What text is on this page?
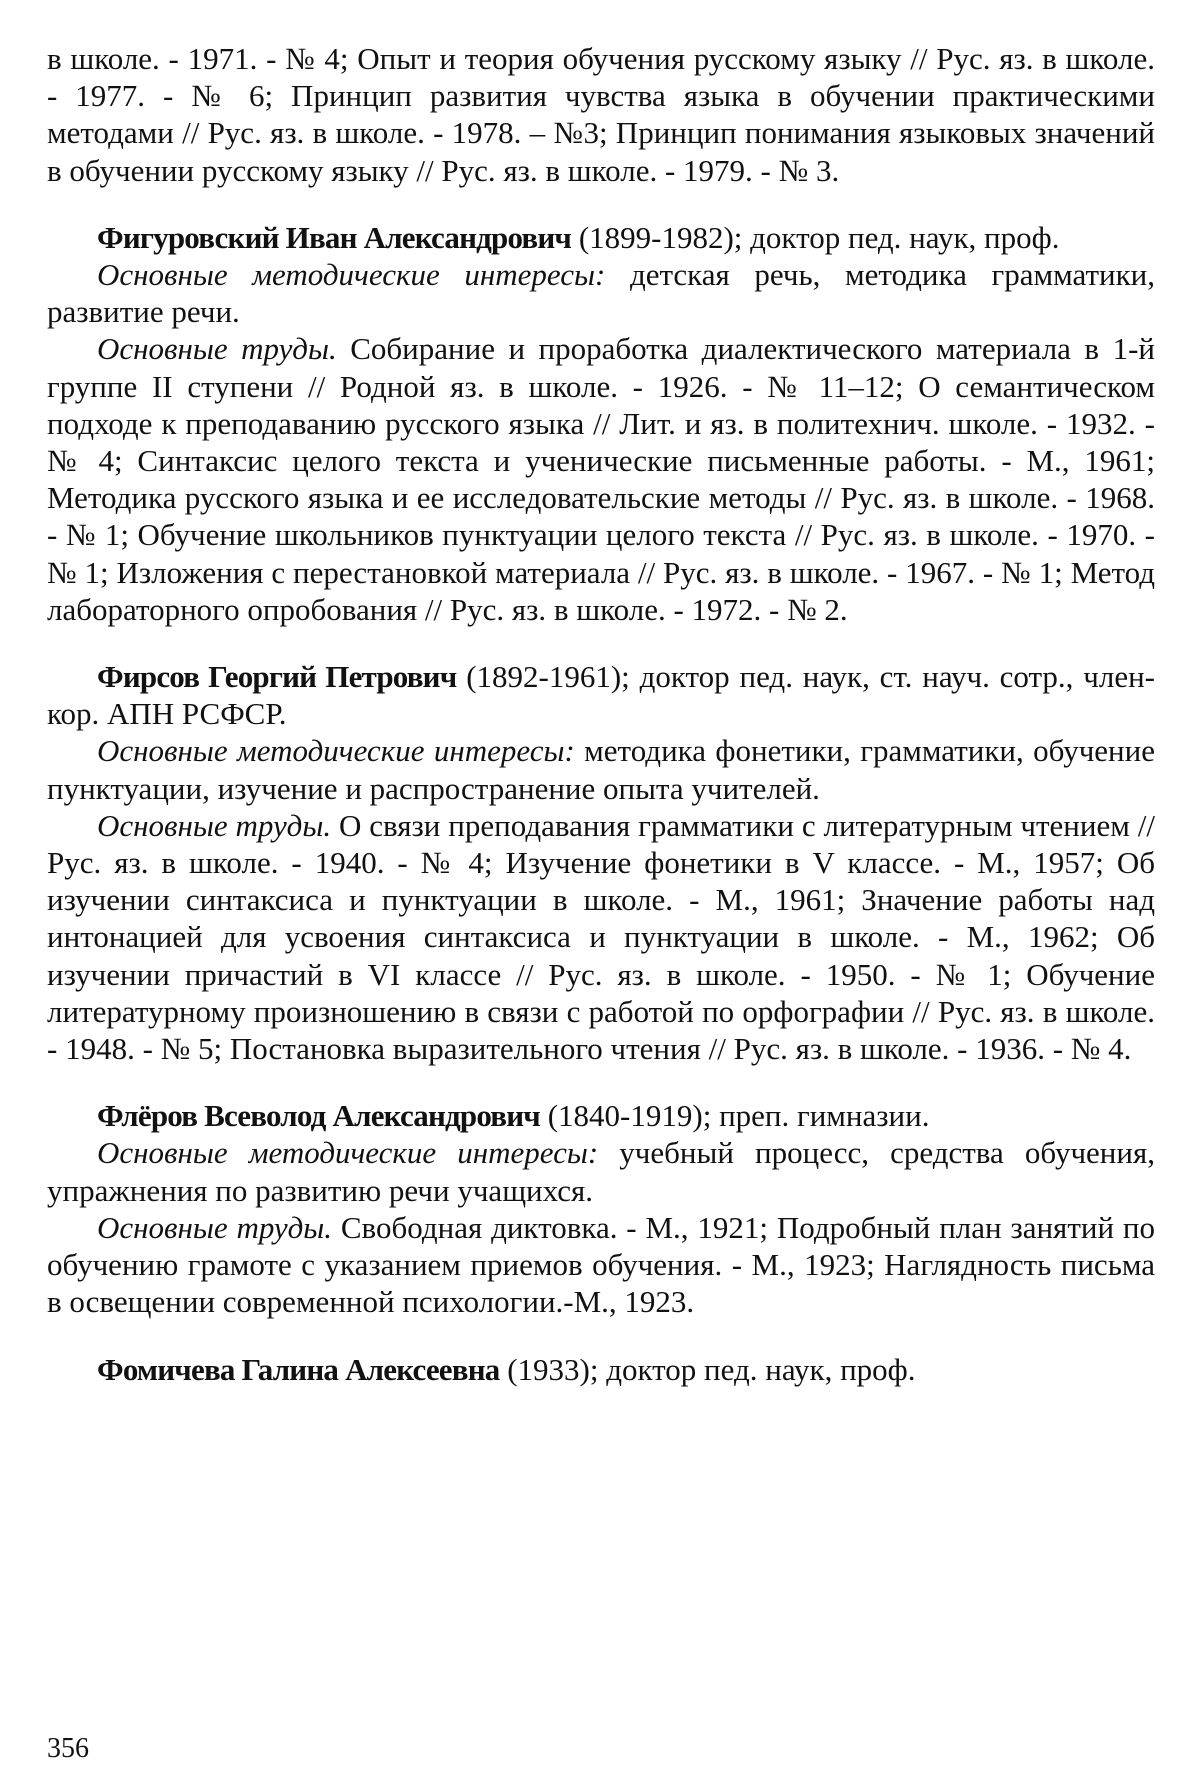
в школе. - 1971. - № 4; Опыт и теория обучения русскому языку // Рус. яз. в школе. - 1977. - № 6; Принцип развития чувства языка в обучении практическими методами // Рус. яз. в школе. - 1978. – №3; Принцип понимания языковых значений в обучении русскому языку // Рус. яз. в школе. - 1979. - № 3.

Фигуровский Иван Александрович (1899-1982); доктор пед. наук, проф.

Основные методические интересы: детская речь, методика грамматики, развитие речи.

Основные труды. Собирание и проработка диалектического материала в 1-й группе II ступени // Родной яз. в школе. - 1926. - № 11–12; О семантическом подходе к преподаванию русского языка // Лит. и яз. в политехнич. школе. - 1932. - № 4; Синтаксис целого текста и ученические письменные работы. - М., 1961; Методика русского языка и ее исследовательские методы // Рус. яз. в школе. - 1968. - № 1; Обучение школьников пунктуации целого текста // Рус. яз. в школе. - 1970. - № 1; Изложения с перестановкой материала // Рус. яз. в школе. - 1967. - № 1; Метод лабораторного опробования // Рус. яз. в школе. - 1972. - № 2.

Фирсов Георгий Петрович (1892-1961); доктор пед. наук, ст. науч. сотр., член-кор. АПН РСФСР.

Основные методические интересы: методика фонетики, грамматики, обучение пунктуации, изучение и распространение опыта учителей.

Основные труды. О связи преподавания грамматики с литературным чтением // Рус. яз. в школе. - 1940. - № 4; Изучение фонетики в V классе. - М., 1957; Об изучении синтаксиса и пунктуации в школе. - М., 1961; Значение работы над интонацией для усвоения синтаксиса и пунктуации в школе. - М., 1962; Об изучении причастий в VI классе // Рус. яз. в школе. - 1950. - № 1; Обучение литературному произношению в связи с работой по орфографии // Рус. яз. в школе. - 1948. - № 5; Постановка выразительного чтения // Рус. яз. в школе. - 1936. - № 4.

Флёров Всеволод Александрович (1840-1919); преп. гимназии.

Основные методические интересы: учебный процесс, средства обучения, упражнения по развитию речи учащихся.

Основные труды. Свободная диктовка. - М., 1921; Подробный план занятий по обучению грамоте с указанием приемов обучения. - М., 1923; Наглядность письма в освещении современной психологии.-М., 1923.

Фомичева Галина Алексеевна (1933); доктор пед. наук, проф.

356
